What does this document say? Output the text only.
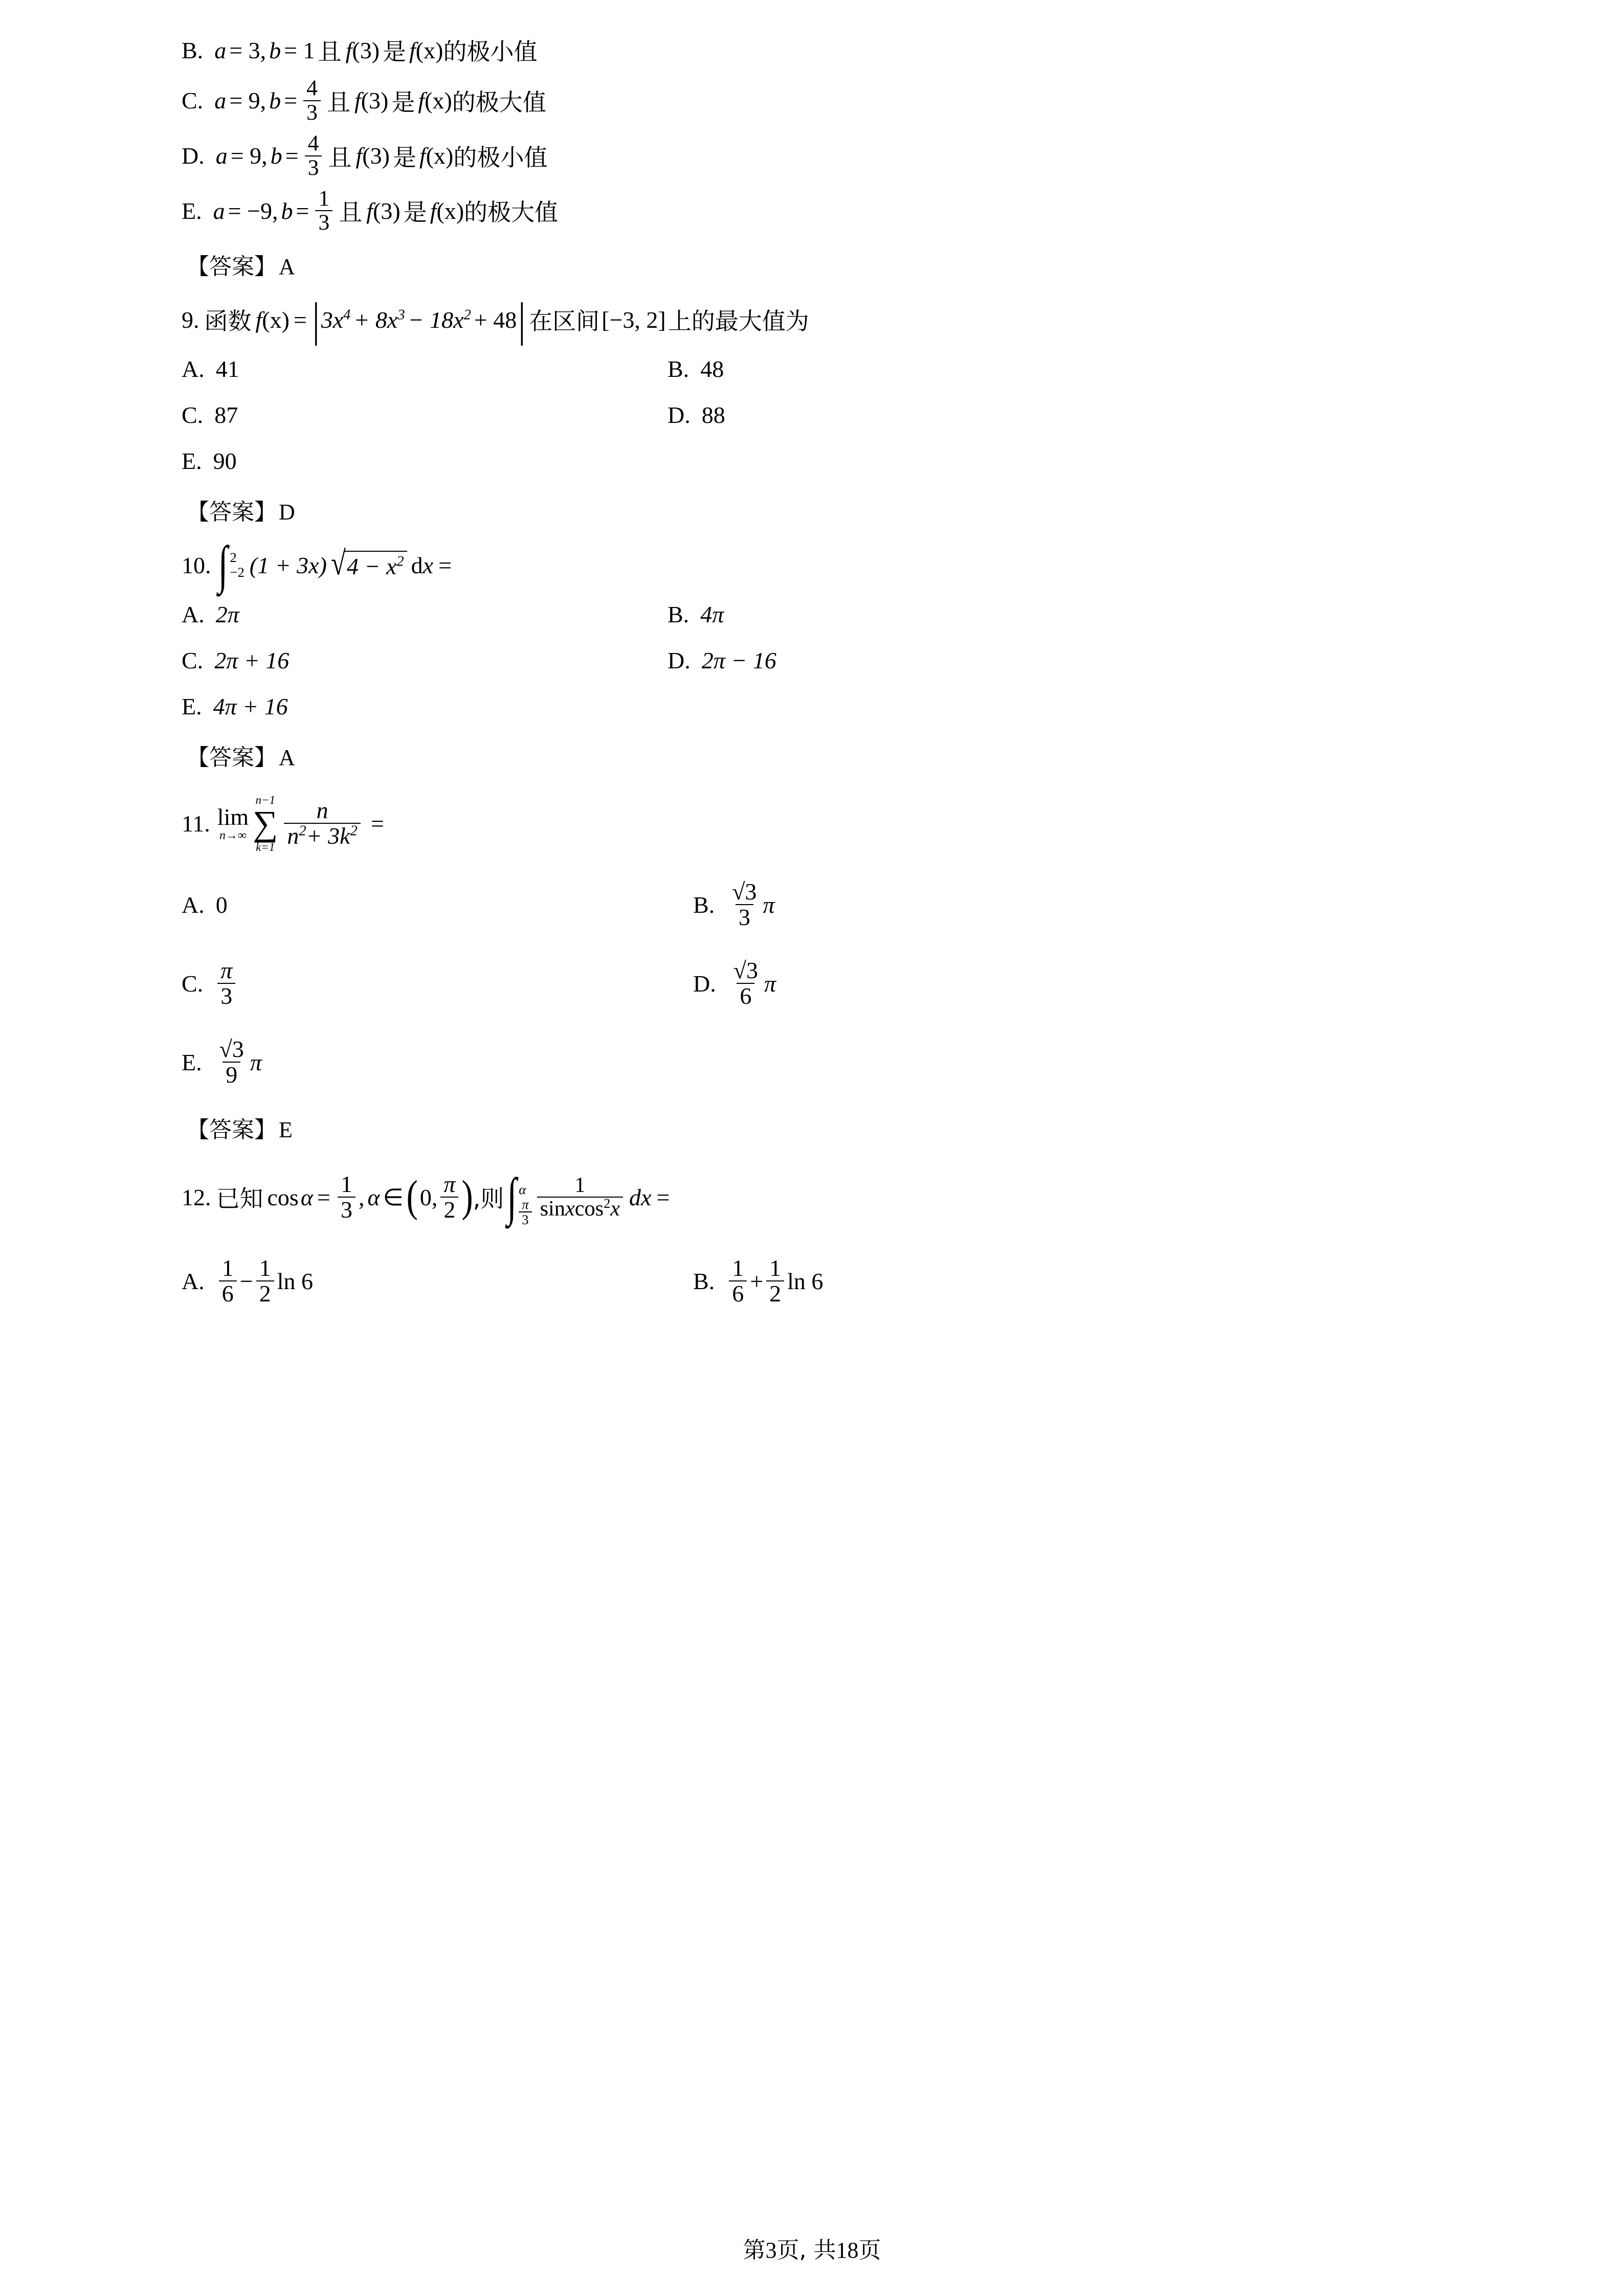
B. a = 3, b = 1 且 f (3) 是 f (x) 的极小值
C. a = 9, $b = \frac{4}{3}$ 且 f (3) 是 f (x) 的极大值
D. a = 9, $b = \frac{4}{3}$ 且 f (3) 是 f (x) 的极小值
E. a = −9, $b = \frac{1}{3}$ 且 f (3) 是 f (x) 的极大值
【答案】A
9. 函数 f (x) = | $3x^4 + 8x^3 - 18x^2 + 48$ | 在区间 [−3, 2] 上的最大值为
A. 41	B. 48
C. 87	D. 88
E. 90
【答案】D
10. ∫ 2
−2 (1 + 3x) √ $4 - x^2$ dx =
A. 2π	B. 4π
C. 2π + 16	D. 2π − 16
E. 4π + 16
【答案】A
11. lim
n→∞
n−1
∑
$k=1 \frac{n}{n^2+ 3k^2}$ =
A. 0	B. $\frac{√3}{3}$ π
C. $\frac{\pi}{3}$	D. $\frac{√3}{6}$ π
E. $\frac{√3}{9}$ π
【答案】E
12. 已知 $\cos \alpha = \frac{1}{3}$ , α ∈ ( 0, $\frac{\pi}{2}$ ) ,则 ∫ α
$\frac{\pi}{3} \frac{1}{sinxcos^2x}$ dx =
A. $\frac{1}{6} - \frac{1}{2}$ ln 6	B. $\frac{1}{6} + \frac{1}{2}$ ln 6
第3页, 共18页
